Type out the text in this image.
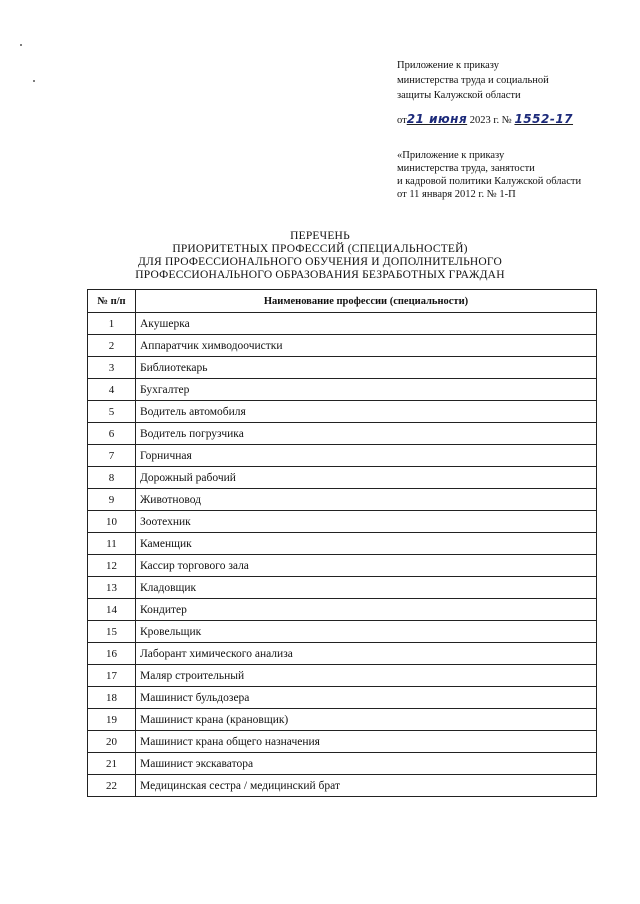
Приложение к приказу
министерства труда и социальной
защиты Калужской области
от21 июня 2023 г. № 1552-17
«Приложение к приказу
министерства труда, занятости
и кадровой политики Калужской области
от 11 января 2012 г. № 1-П
ПЕРЕЧЕНЬ
ПРИОРИТЕТНЫХ ПРОФЕССИЙ (СПЕЦИАЛЬНОСТЕЙ)
ДЛЯ ПРОФЕССИОНАЛЬНОГО ОБУЧЕНИЯ И ДОПОЛНИТЕЛЬНОГО
ПРОФЕССИОНАЛЬНОГО ОБРАЗОВАНИЯ БЕЗРАБОТНЫХ ГРАЖДАН
№ п/п	Наименование профессии (специальности)
1	Акушерка
2	Аппаратчик химводоочистки
3	Библиотекарь
4	Бухгалтер
5	Водитель автомобиля
6	Водитель погрузчика
7	Горничная
8	Дорожный рабочий
9	Животновод
10	Зоотехник
11	Каменщик
12	Кассир торгового зала
13	Кладовщик
14	Кондитер
15	Кровельщик
16	Лаборант химического анализа
17	Маляр строительный
18	Машинист бульдозера
19	Машинист крана (крановщик)
20	Машинист крана общего назначения
21	Машинист экскаватора
22	Медицинская сестра / медицинский брат
